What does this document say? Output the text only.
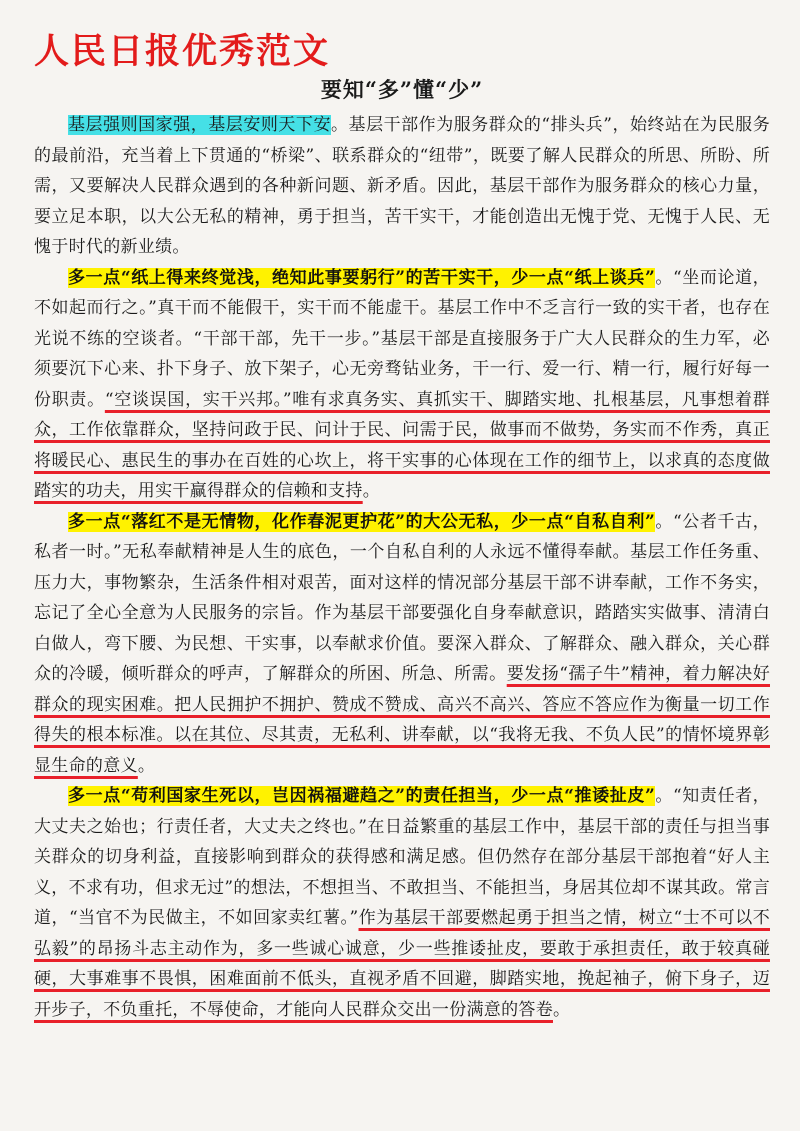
人民日报优秀范文
要知“多”懂“少”

基层强则国家强，基层安则天下安。基层干部作为服务群众的“排头兵”，始终站在为民服务的最前沿，充当着上下贯通的“桥梁”、联系群众的“纽带”，既要了解人民群众的所思、所盼、所需，又要解决人民群众遇到的各种新问题、新矛盾。因此，基层干部作为服务群众的核心力量，要立足本职，以大公无私的精神，勇于担当，苦干实干，才能创造出无愧于党、无愧于人民、无愧于时代的新业绩。

多一点“纸上得来终觉浅，绝知此事要躬行”的苦干实干，少一点“纸上谈兵”。“坐而论道，不如起而行之。”真干而不能假干，实干而不能虚干。基层工作中不乏言行一致的实干者，也存在光说不练的空谈者。“干部干部，先干一步。”基层干部是直接服务于广大人民群众的生力军，必须要沉下心来、扑下身子、放下架子，心无旁骛钻业务，干一行、爱一行、精一行，履行好每一份职责。“空谈误国，实干兴邦。”唯有求真务实、真抓实干、脚踏实地、扎根基层，凡事想着群众，工作依靠群众，坚持问政于民、问计于民、问需于民，做事而不做势，务实而不作秀，真正将暖民心、惠民生的事办在百姓的心坎上，将干实事的心体现在工作的细节上，以求真的态度做踏实的功夫，用实干赢得群众的信赖和支持。

多一点“落红不是无情物，化作春泥更护花”的大公无私，少一点“自私自利”。“公者千古，私者一时。”无私奉献精神是人生的底色，一个自私自利的人永远不懂得奉献。基层工作任务重、压力大，事物繁杂，生活条件相对艰苦，面对这样的情况部分基层干部不讲奉献，工作不务实，忘记了全心全意为人民服务的宗旨。作为基层干部要强化自身奉献意识，踏踏实实做事、清清白白做人，弯下腰、为民想、干实事，以奉献求价值。要深入群众、了解群众、融入群众，关心群众的冷暖，倾听群众的呼声，了解群众的所困、所急、所需。要发扬“孺子牛”精神，着力解决好群众的现实困难。把人民拥护不拥护、赞成不赞成、高兴不高兴、答应不答应作为衡量一切工作得失的根本标准。以在其位、尽其责，无私利、讲奉献，以“我将无我、不负人民”的情怀境界彰显生命的意义。

多一点“苟利国家生死以，岂因祸福避趋之”的责任担当，少一点“推诿扯皮”。“知责任者，大丈夫之始也；行责任者，大丈夫之终也。”在日益繁重的基层工作中，基层干部的责任与担当事关群众的切身利益，直接影响到群众的获得感和满足感。但仍然存在部分基层干部抱着“好人主义，不求有功，但求无过”的想法，不想担当、不敢担当、不能担当，身居其位却不谋其政。常言道，“当官不为民做主，不如回家卖红薯。”作为基层干部要燃起勇于担当之情，树立“士不可以不弘毅”的昂扬斗志主动作为，多一些诚心诚意，少一些推诿扯皮，要敢于承担责任，敢于较真碰硬，大事难事不畏惧，困难面前不低头，直视矛盾不回避，脚踏实地，挽起袖子，俯下身子，迈开步子，不负重托，不辱使命，才能向人民群众交出一份满意的答卷。
